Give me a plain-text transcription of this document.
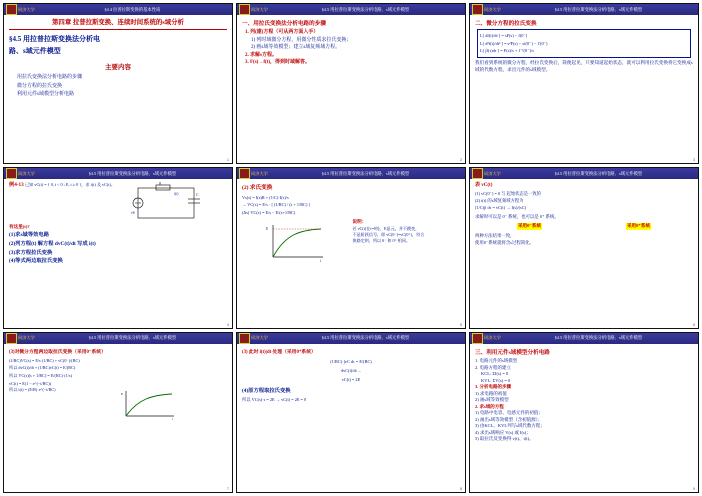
同济大学	§4.4 拉普拉斯变换的基本性质
第四章 拉普拉斯变换、连续时间系统的s域分析
§4.5 用拉普拉斯变换法分析电
路、s域元件模型
主要内容
用拉氏变换法分析电路的步骤
微分方程的拉氏变换
利用元件s域模型分析电路
1
同济大学	§4.5 用拉普拉斯变换法分析电路、s域元件模型
一、用拉氏变换法分析电路的步骤
1. 列(建)方程（可从两方面入手）
1) 列时域微分方程，用微分性质求拉氏变换；
2) 画s域等效模型；建立s域复频域方程。
2. 求解s方程。
3. F(s)→f(t)，得到时域解答。
2
同济大学	§4.5 用拉普拉斯变换法分析电路、s域元件模型
二、微分方程的拉氏变换
L[ df(t)/dt ] = sF(s) − f(0⁻)
L[ d²f(t)/dt² ] = s²F(s) − sf(0⁻) − f′(0⁻)
L[ ∫f(τ)dτ ] = F(s)/s + f⁻¹(0⁻)/s
我们看到系统的微分方程，经拉氏变换后，简便起见，只要知道起始状态，就可以利用拉氏变换将它变换成s域的代数方程，求出元件的s域模型。
3
同济大学	§4.5 用拉普拉斯变换法分析电路、s域元件模型
例4-13 已知 vC(t) = { 0, t < 0 ; E, t ≥ 0 }，求 i(t) 及 vC(t)。	R
C
vS
i(t)
有这里(t)?
(1)求s域等效电路
(2)列方程(t) 解方程 dvC(t)/dt 写成 i(t)
(3)求方程拉氏变换
(4)等式两边取拉氏变换
4
同济大学	§4.5 用拉普拉斯变换法分析电路、s域元件模型
(2) 求氏变换
Vs(s) = I(s)R + (1/C)·I(s)/s
→ VC(s) = E/s · [ (1/RC) / (s + 1/RC) ]
(Δs) VC(s) = E/s − E/(s+1/RC)
E
t
说明：
若 vC(t)在t=0处，E是元，并不跳变，
不是阶跃信号，即 vC(0⁻)=vC(0⁺)，符合
换路定则，所以 0⁻ 和 0⁺ 相同。
5
同济大学	§4.5 用拉普拉斯变换法分析电路、s域元件模型
表 vC(t)
(1) vC(0⁻) = 0 与 起始状态是一致的
(2) i(t) 的s域复频域方程为
(1/C)∫i dτ = vC(t) → I(s)/(sC)
求解时可以是 0⁻ 系统，也可以是 0⁺ 系统。
采用0⁻系统	采用0⁺系统
两种方法结果一致，
使用0⁻系统就将含s过程简化。
6
同济大学	§4.5 用拉普拉斯变换法分析电路、s域元件模型
(3)对微分方程两边取拉氏变换（采用0⁻系统）
(1/RC)VC(s) = E/s·(1/RC) + vC(0⁻)/(RC)
所以 dvC(t)/dt + (1/RC)vC(t) = E/(RC)
所以 VC(s)[s + 1/RC] = E/(RC)·(1/s)
vC(t) = E(1 − e^(−t/RC))
所以 i(t) = (E/R)·e^(−t/RC)
E
t
7
同济大学	§4.5 用拉普拉斯变换法分析电路、s域元件模型
(3) 此时 i(t)∫dt 处理（采用0⁺系统）
(1/RC)·∫vC dτ = E/(RC)
dvC(t)/dt ...
vC(t) = 2E
(4)原方程取拉氏变换
所以 VC(s)·s = 2E → vC(t) = 2E = 0
8
同济大学	§4.5 用拉普拉斯变换法分析电路、s域元件模型
三、利用元件s域模型分析电路
1. 电路元件的s域模型
2. 电路方程的建立
KCL: ΣI(s) = 0
KVL: ΣV(s) = 0
3. 分析电路的步骤
1) 求电路的初值
2) 画s域等效模型
2. 求s域的方程
1) 电路中电容、电感元件的初值；
2) 画出s域等效模型（含初值源）；
3) 由KCL、KVL列写s域代数方程；
4) 求出s域响应 V(s) 或 I(s)；
5) 取拉氏反变换得 v(t)、i(t)。
9
